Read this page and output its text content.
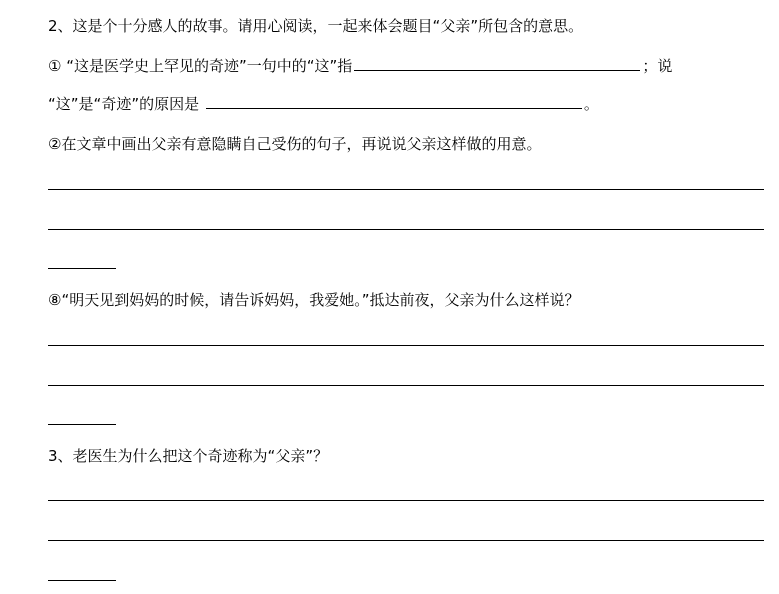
2、这是个十分感人的故事。请用心阅读，一起来体会题目“父亲”所包含的意思。
① “这是医学史上罕见的奇迹”一句中的“这”指	；说
“这”是“奇迹”的原因是	。
②在文章中画出父亲有意隐瞒自己受伤的句子，再说说父亲这样做的用意。
⑧“明天见到妈妈的时候，请告诉妈妈，我爱她。”抵达前夜，父亲为什么这样说？
3、老医生为什么把这个奇迹称为“父亲”？
